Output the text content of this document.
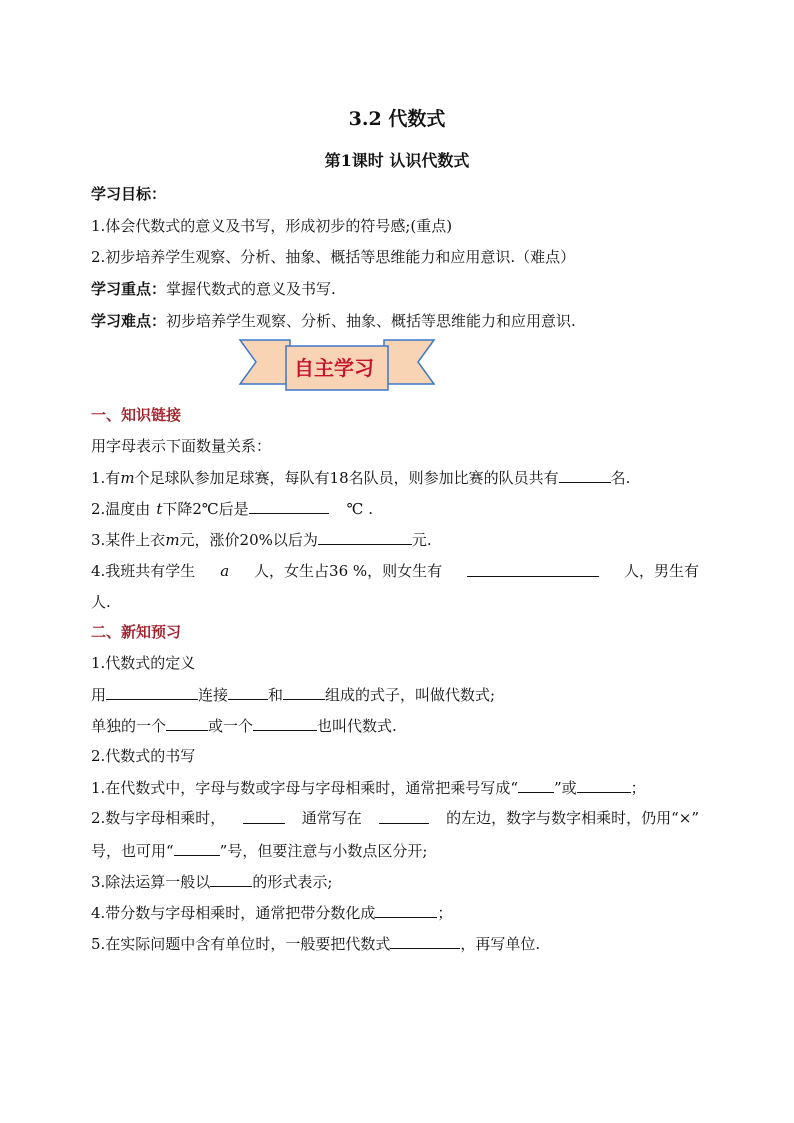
3.2 代数式
第1课时 认识代数式
学习目标：
1.体会代数式的意义及书写，形成初步的符号感;(重点)
2.初步培养学生观察、分析、抽象、概括等思维能力和应用意识.（难点）
学习重点：掌握代数式的意义及书写.
学习难点：初步培养学生观察、分析、抽象、概括等思维能力和应用意识.
自主学习
一、知识链接
用字母表示下面数量关系：
1.有m个足球队参加足球赛，每队有18名队员，则参加比赛的队员共有	名.
2.温度由 t下降2℃后是	℃ .
3.某件上衣m元，涨价20%以后为	元.
4.我班共有学生 a 人，女生占36 %，则女生有	人，男生有
人.
二、新知预习
1.代数式的定义
用	连接	和	组成的式子，叫做代数式;
单独的一个	或一个	也叫代数式.
2.代数式的书写
1.在代数式中，字母与数或字母与字母相乘时，通常把乘号写成“ ”或	；
2.数与字母相乘时，	通常写在	的左边，数字与数字相乘时，仍用“×”
号，也可用“	”号，但要注意与小数点区分开;
3.除法运算一般以	的形式表示;
4.带分数与字母相乘时，通常把带分数化成	；
5.在实际问题中含有单位时，一般要把代数式	，再写单位.
